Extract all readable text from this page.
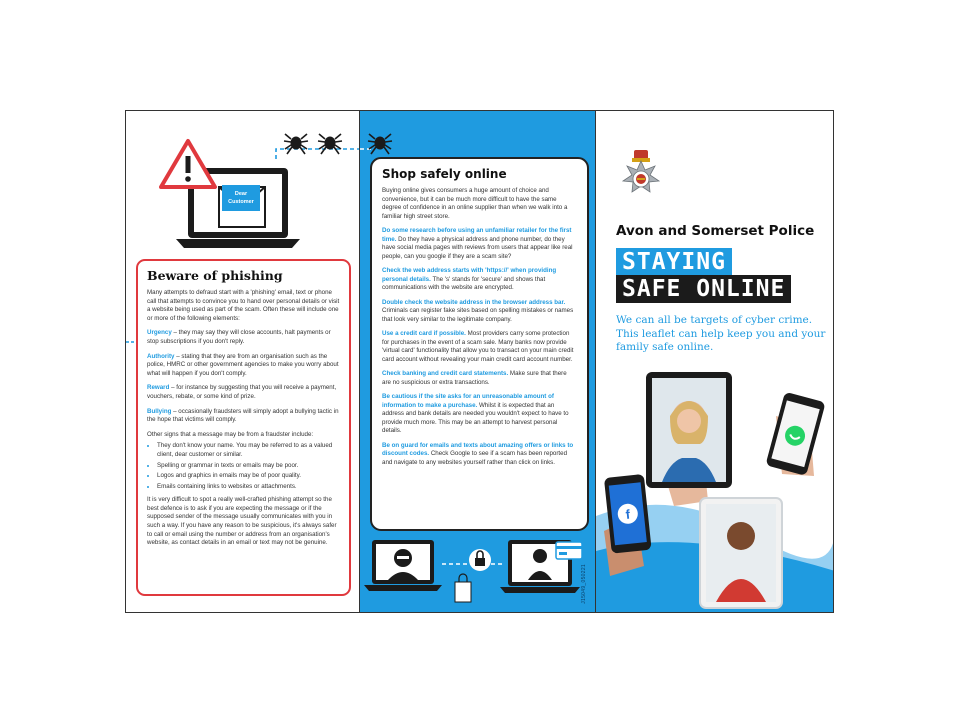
Dear
Customer
Beware of phishing

Many attempts to defraud start with a 'phishing' email, text or phone call that attempts to convince you to hand over personal details or visit a website being used as part of the scam. Often these will include one or more of the following elements:

Urgency – they may say they will close accounts, halt payments or stop subscriptions if you don't reply.

Authority – stating that they are from an organisation such as the police, HMRC or other government agencies to make you worry about what will happen if you don't comply.

Reward – for instance by suggesting that you will receive a payment, vouchers, rebate, or some kind of prize.

Bullying – occasionally fraudsters will simply adopt a bullying tactic in the hope that victims will comply.

Other signs that a message may be from a fraudster include:

• They don't know your name. You may be referred to as a valued client, dear customer or similar.
• Spelling or grammar in texts or emails may be poor.
• Logos and graphics in emails may be of poor quality.
• Emails containing links to websites or attachments.

It is very difficult to spot a really well-crafted phishing attempt so the best defence is to ask if you are expecting the message or if the supposed sender of the message usually communicates with you in such a way. If you have any reason to be suspicious, it's always safer to call or email using the number or address from an organisation's website, as contact details in an email or text may not be genuine.

Shop safely online

Buying online gives consumers a huge amount of choice and convenience, but it can be much more difficult to have the same degree of confidence in an online supplier than when we walk into a familiar high street store.

Do some research before using an unfamiliar retailer for the first time. Do they have a physical address and phone number, do they have social media pages with reviews from users that appear like real people, can you google if they are a scam site?

Check the web address starts with 'https://' when providing personal details. The 's' stands for 'secure' and shows that communications with the website are encrypted.

Double check the website address in the browser address bar. Criminals can register fake sites based on spelling mistakes or names that look very similar to the legitimate company.

Use a credit card if possible. Most providers carry some protection for purchases in the event of a scam sale. Many banks now provide 'virtual card' functionality that allow you to transact on your main credit card account without revealing your main credit card account number.

Check banking and credit card statements. Make sure that there are no suspicious or extra transactions.

Be cautious if the site asks for an unreasonable amount of information to make a purchase. Whilst it is expected that an address and bank details are needed you wouldn't expect to have to provide much more. This may be an attempt to harvest personal details.

Be on guard for emails and texts about amazing offers or links to discount codes. Check Google to see if a scam has been reported and navigate to any websites yourself rather than click on links.

J15049_050221
Avon and Somerset Police
STAYING
SAFE ONLINE
We can all be targets of cyber crime. This leaflet can help keep you and your family safe online.
f
